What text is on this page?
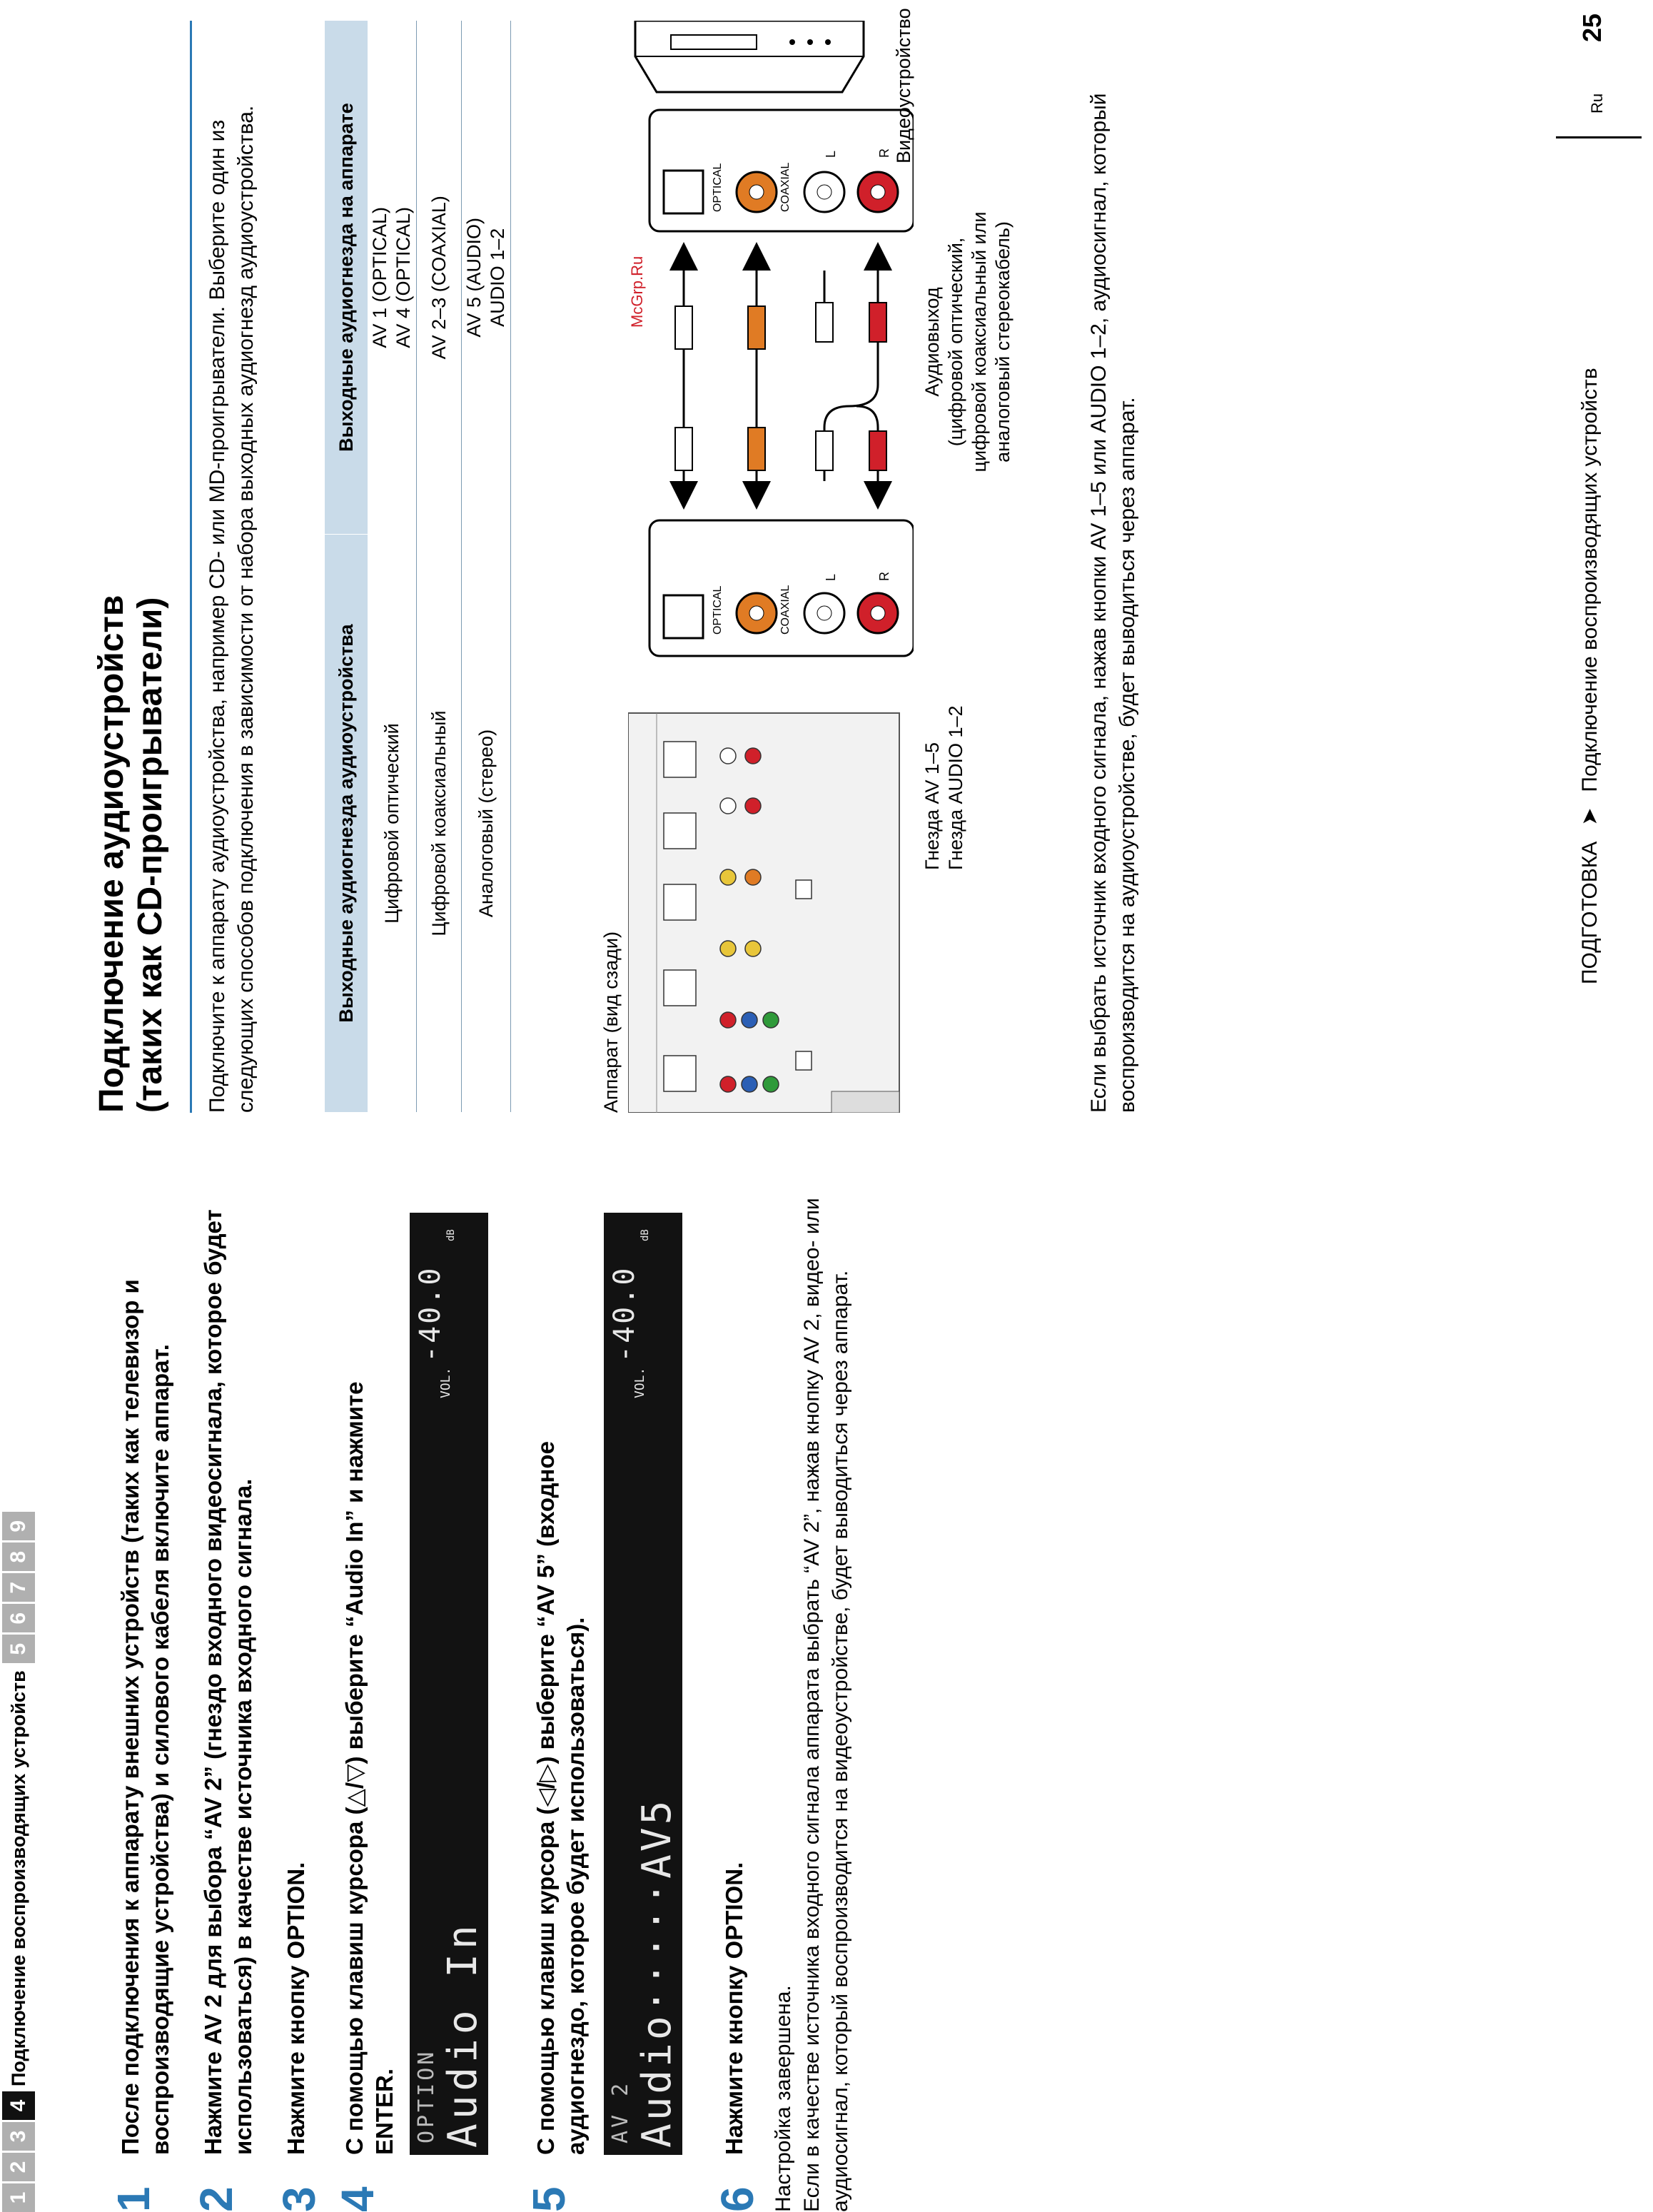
1
2
3
4
Подключение воспроизводящих устройств
5
6
7
8
9
1
После подключения к аппарату внешних устройств (таких как телевизор и воспроизводящие устройства) и силового кабеля включите аппарат.
2
Нажмите AV 2 для выбора “AV 2” (гнездо входного видеосигнала, которое будет использоваться) в качестве источника входного сигнала.
3
Нажмите кнопку OPTION.
4
С помощью клавиш курсора (△/▽) выберите “Audio In” и нажмите ENTER. OPTION Audio In
VOL.
-40.0
dB
5
С помощью клавиш курсора (◁/▷) выберите “AV 5” (входное аудиогнездо, которое будет использоваться). AV 2 Audio·····AV5
VOL.
-40.0
dB
6
Нажмите кнопку OPTION.	Настройка завершена. Если в качестве источника входного сигнала аппарата выбрать “AV 2”, нажав кнопку AV 2, видео- или аудиосигнал, который воспроизводится на видеоустройстве, будет выводиться через аппарат.
Подключение аудиоустройств (таких как CD-проигрыватели) Подключите к аппарату аудиоустройства, например CD- или MD-проигрыватели. Выберите один из следующих способов подключения в зависимости от набора выходных аудиогнезд аудиоустройства.	Выходные аудиогнезда аудиоустройства	Выходные аудиогнезда на аппарате
Цифровой оптический	AV 1 (OPTICAL) AV 4 (OPTICAL)

Цифровой коаксиальный	AV 2–3 (COAXIAL)
Аналоговый (стерео)	AV 5 (AUDIO) AUDIO 1–2
Аппарат (вид сзади)
OPTICAL	COAXIAL
L	R
OPTICAL	COAXIAL
L	R
McGrp.Ru
Гнезда AV 1–5 Гнезда AUDIO 1–2
Аудиовыход (цифровой оптический, цифровой коаксиальный или аналоговый стереокабель)
Видеоустройство
Если выбрать источник входного сигнала, нажав кнопки AV 1–5 или AUDIO 1–2, аудиосигнал, который воспроизводится на аудиоустройстве, будет выводиться через аппарат.	ПОДГОТОВКА
➤
Подключение воспроизводящих устройств
Ru
25
